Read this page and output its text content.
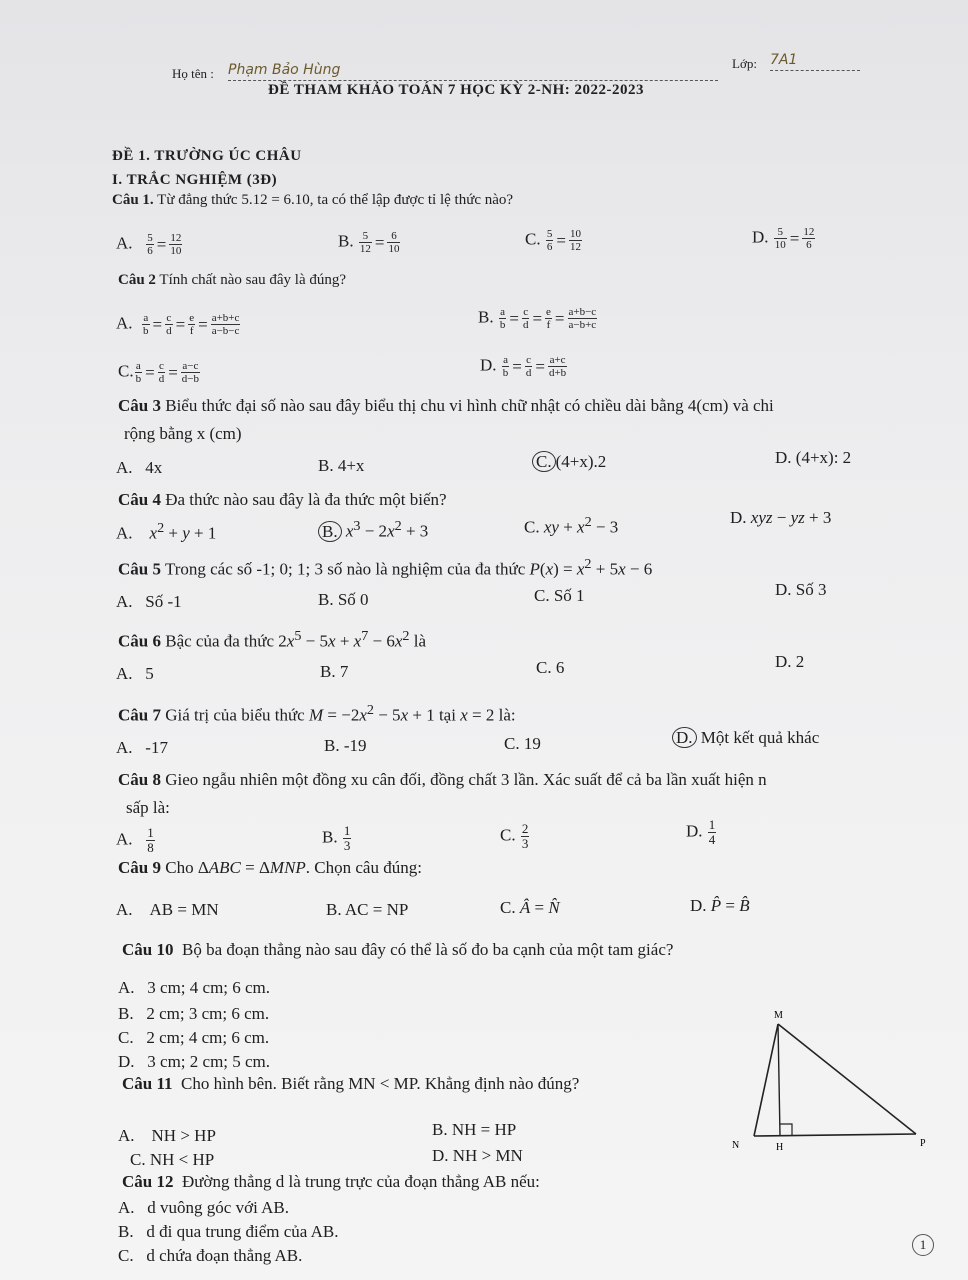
Họ tên : Phạm Bảo Hùng	Lớp: 7A1
ĐỀ THAM KHẢO TOÁN 7 HỌC KỲ 2-NH: 2022-2023
ĐỀ 1. TRƯỜNG ÚC CHÂU
I. TRẮC NGHIỆM (3Đ)
Câu 1. Từ đẳng thức 5.12 = 6.10, ta có thể lập được tỉ lệ thức nào?
A. $\frac{5}{6} = \frac{12}{10}$	B. $\frac{5}{12} = \frac{6}{10}$	C. $\frac{5}{6} = \frac{10}{12}$	D. $\frac{5}{10} = \frac{12}{6}$
Câu 2 Tính chất nào sau đây là đúng?
A. $\frac{a}{b} = \frac{c}{d} = \frac{e}{f} = \frac{a+b+c}{a-b-c}$	B. $\frac{a}{b} = \frac{c}{d} = \frac{e}{f} = \frac{a+b-c}{a-b+c}$
C. $\frac{a}{b} = \frac{c}{d} = \frac{a-c}{d-b}$	D. $\frac{a}{b} = \frac{c}{d} = \frac{a+c}{d+b}$
Câu 3 Biểu thức đại số nào sau đây biểu thị chu vi hình chữ nhật có chiều dài bằng 4(cm) và chi
rộng bằng x (cm)
A. 4x	B. 4+x	C. (4+x).2	D. (4+x): 2
Câu 4 Đa thức nào sau đây là đa thức một biến?
A. $x^2 + y + 1$	B. $x^3 - 2x^2 + 3$	C. xy + $x^2 - 3$
D. xyz − yz + 3
Câu 5 Trong các số -1; 0; 1; 3 số nào là nghiệm của đa thức $P(x) = x^2 + 5x - 6$
A. Số -1	B. Số 0	C. Số 1	D. Số 3
Câu 6 Bậc của đa thức $2x^5 - 5x + x^7 - 6x^2$ là
A. 5	B. 7	C. 6	D. 2
Câu 7 Giá trị của biểu thức $M = -2x^2 - 5x + 1$ tại x = 2 là:
A. -17	B. -19	C. 19	D. Một kết quả khác
Câu 8 Gieo ngẫu nhiên một đồng xu cân đối, đồng chất 3 lần. Xác suất để cả ba lần xuất hiện n
sấp là:
A. $\frac{1}{8}$	B. $\frac{1}{3}$	C. $\frac{2}{3}$	D. $\frac{1}{4}$
Câu 9 Cho ΔABC = ΔMNP. Chọn câu đúng:
A. AB = MN	B. AC = NP	C. Â = N̂	D. P̂ = B̂
Câu 10 Bộ ba đoạn thẳng nào sau đây có thể là số đo ba cạnh của một tam giác?
A. 3 cm; 4 cm; 6 cm.
B. 2 cm; 3 cm; 6 cm.
C. 2 cm; 4 cm; 6 cm.
D. 3 cm; 2 cm; 5 cm.
Câu 11 Cho hình bên. Biết rằng MN < MP. Khẳng định nào đúng?
A. NH > HP	B. NH = HP
C. NH < HP	D. NH > MN
M
N	H	P
Câu 12 Đường thẳng d là trung trực của đoạn thẳng AB nếu:
A. d vuông góc với AB.
B. d đi qua trung điểm của AB.
C. d chứa đoạn thẳng AB.
1
